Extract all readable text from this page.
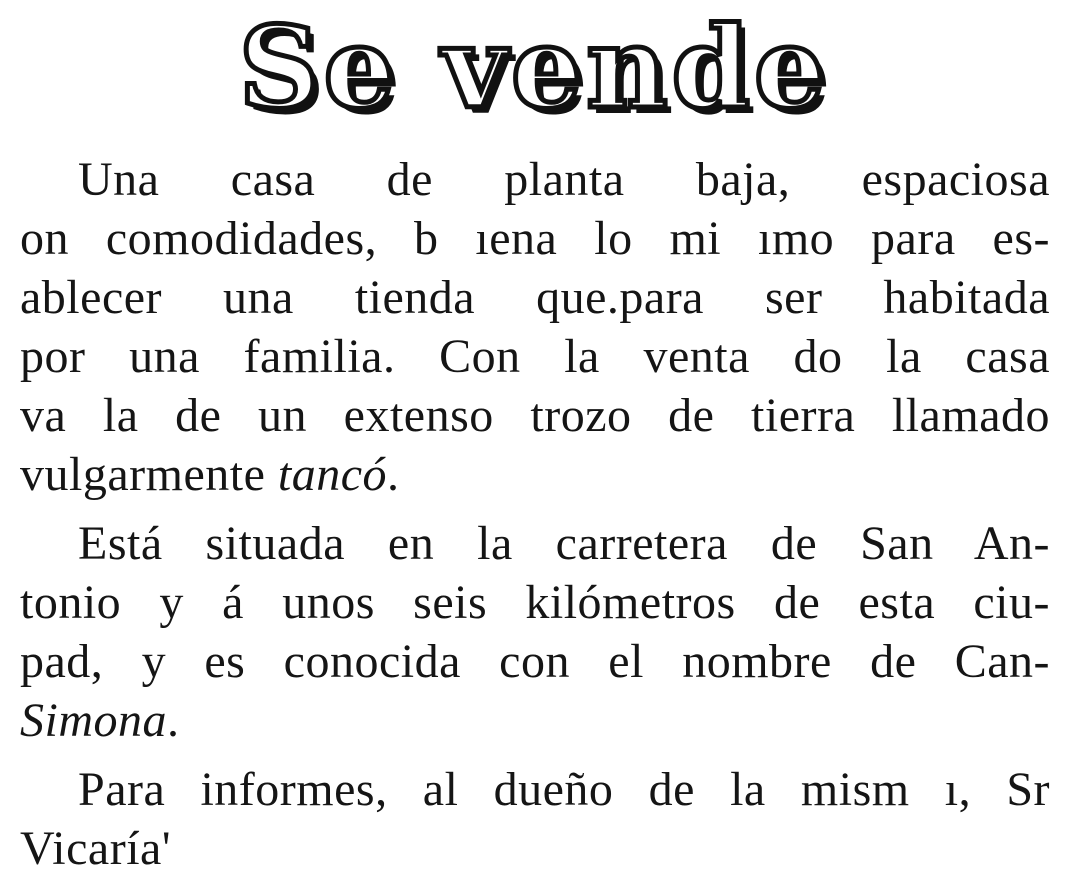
Se vende
Una casa de planta baja, espaciosa
on comodidades, b ıena lo mi ımo para es-
ablecer una tienda que.para ser habitada
por una familia. Con la venta do la casa
va la de un extenso trozo de tierra llamado
vulgarmente tancó.
Está situada en la carretera de San An-
tonio y á unos seis kilómetros de esta ciu-
pad, y es conocida con el nombre de Can-
Simona.
Para informes, al dueño de la mism ı, Sr
Vicaría'
